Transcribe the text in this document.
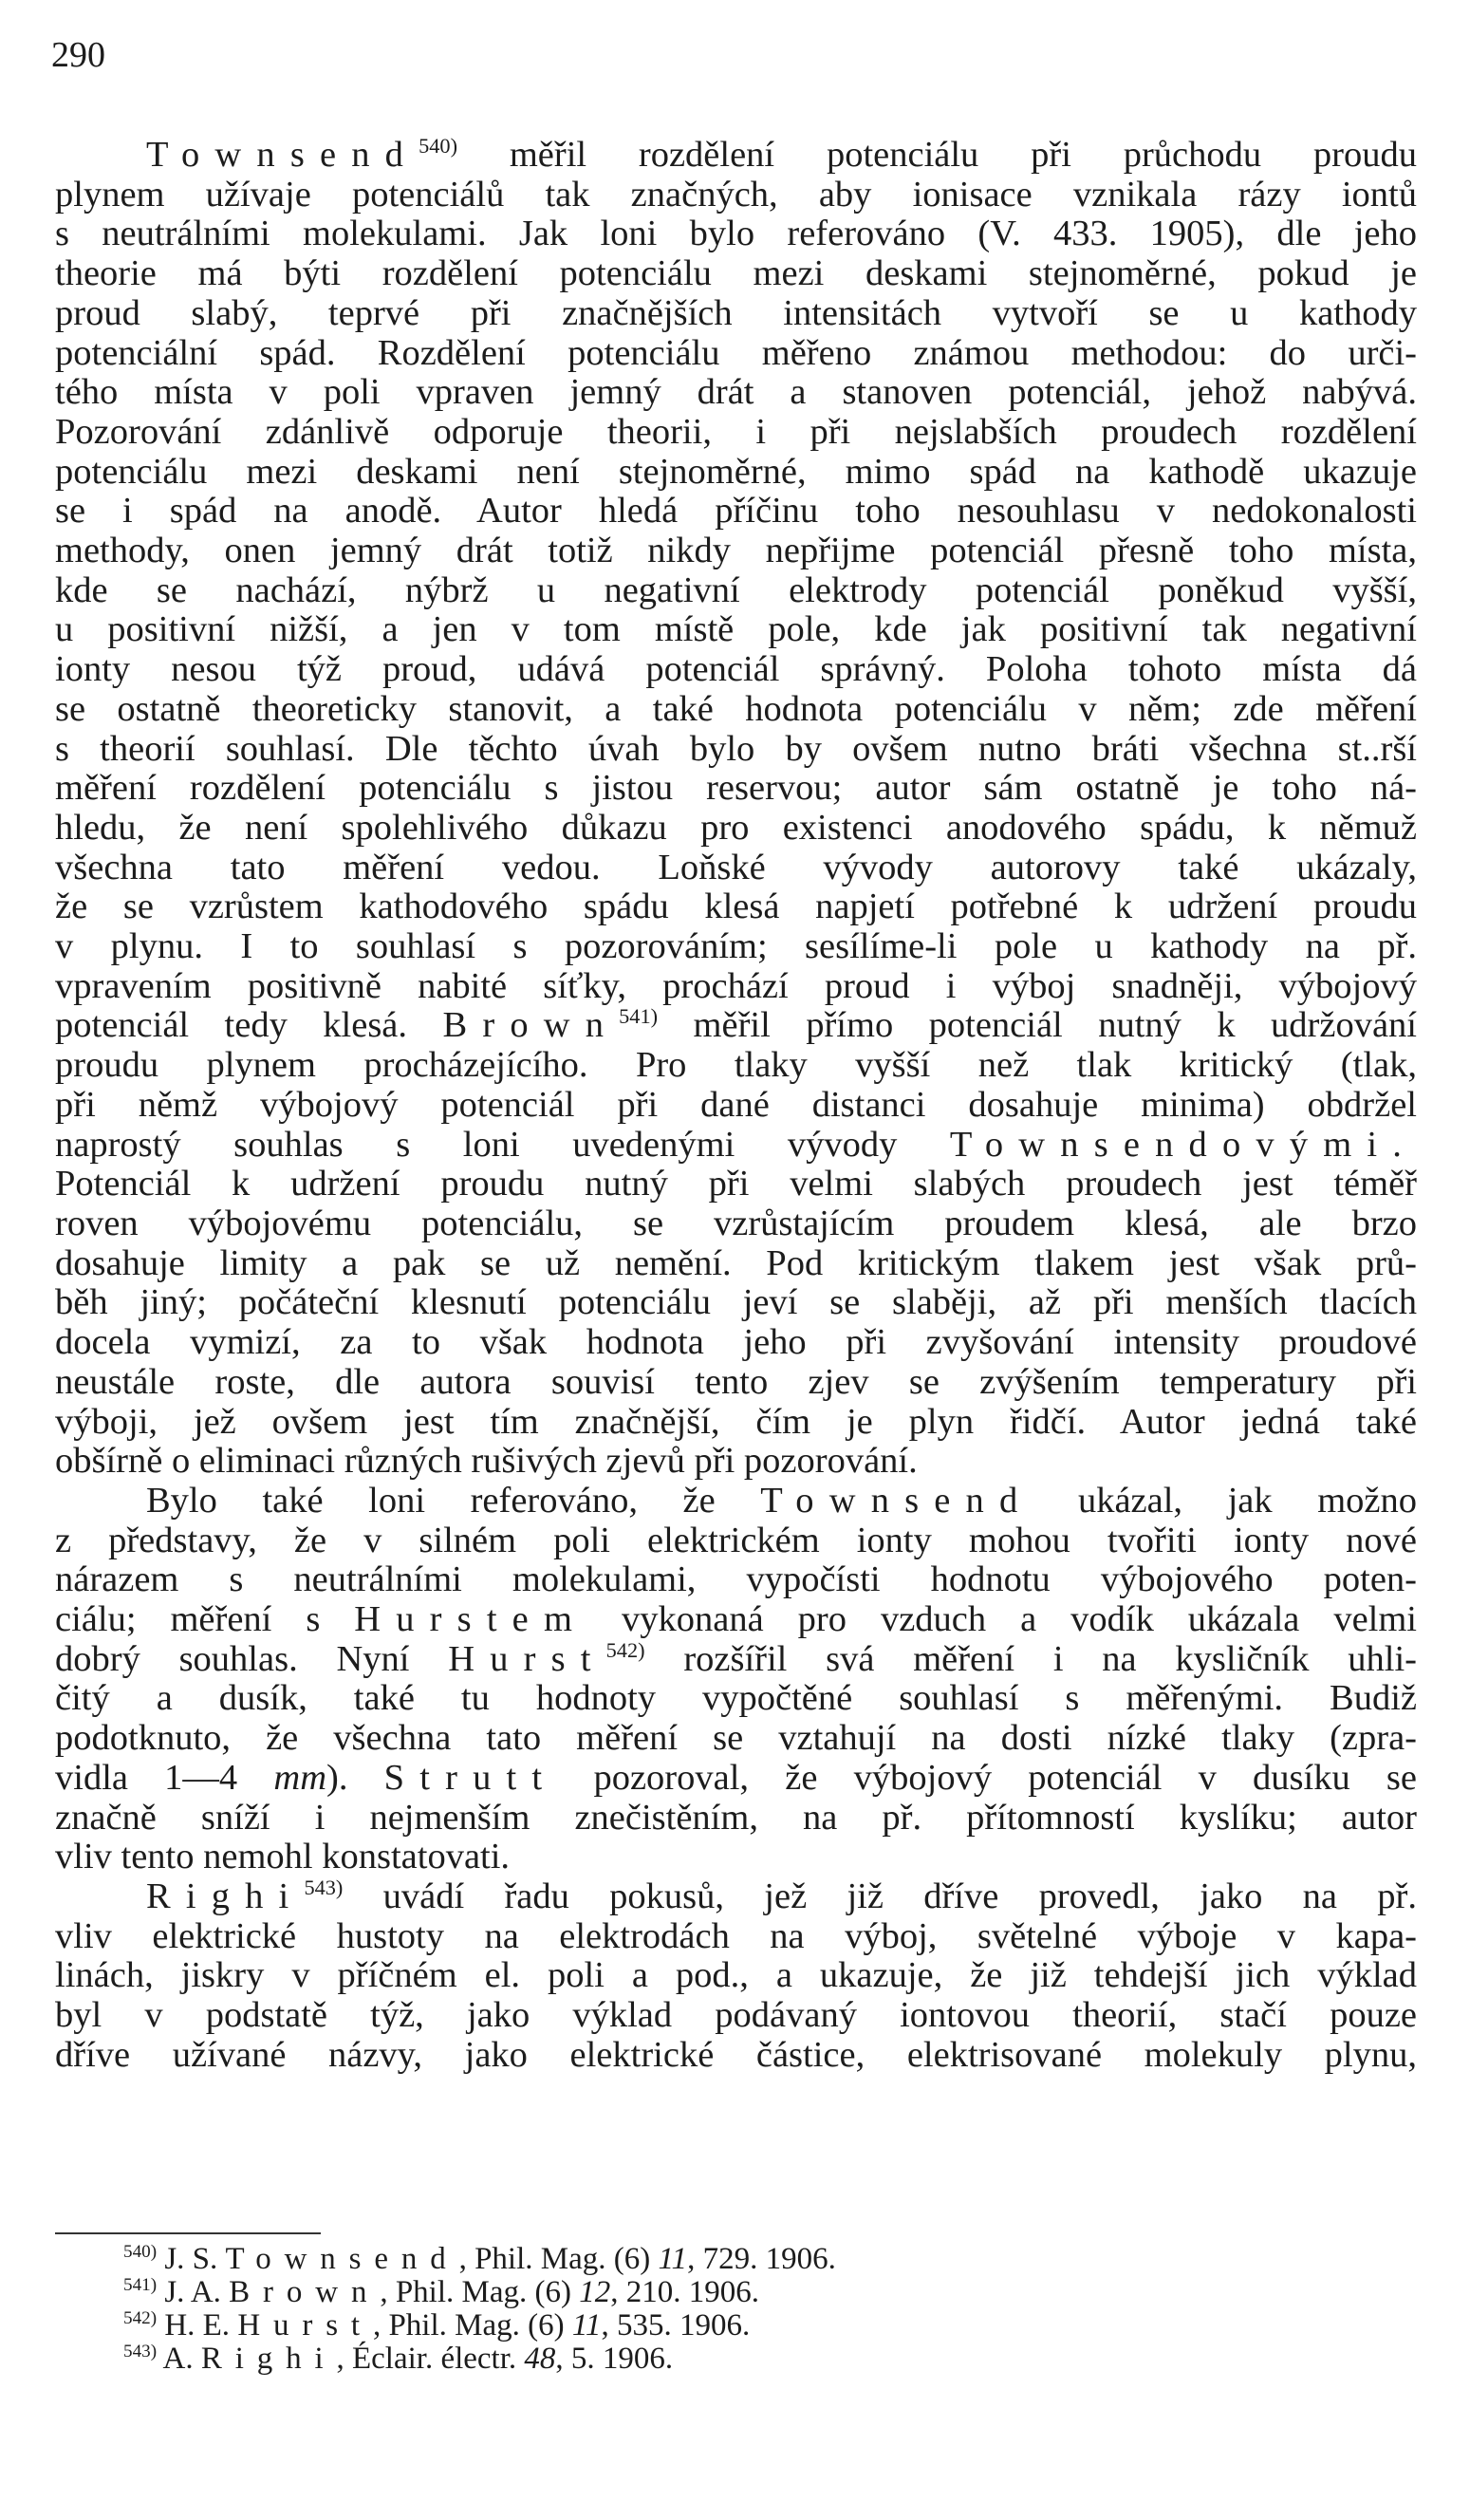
290
Townsend$^{540)}$ měřil rozdělení potenciálu při průchodu proudu
plynem užívaje potenciálů tak značných, aby ionisace vznikala rázy iontů
s neutrálními molekulami. Jak loni bylo referováno (V. 433. 1905), dle jeho
theorie má býti rozdělení potenciálu mezi deskami stejnoměrné, pokud je
proud slabý, teprvé při značnějších intensitách vytvoří se u kathody
potenciální spád. Rozdělení potenciálu měřeno známou methodou: do urči-
tého místa v poli vpraven jemný drát a stanoven potenciál, jehož nabývá.
Pozorování zdánlivě odporuje theorii, i při nejslabších proudech rozdělení
potenciálu mezi deskami není stejnoměrné, mimo spád na kathodě ukazuje
se i spád na anodě. Autor hledá příčinu toho nesouhlasu v nedokonalosti
methody, onen jemný drát totiž nikdy nepřijme potenciál přesně toho místa,
kde se nachází, nýbrž u negativní elektrody potenciál poněkud vyšší,
u positivní nižší, a jen v tom místě pole, kde jak positivní tak negativní
ionty nesou týž proud, udává potenciál správný. Poloha tohoto místa dá
se ostatně theoreticky stanovit, a také hodnota potenciálu v něm; zde měření
s theorií souhlasí. Dle těchto úvah bylo by ovšem nutno bráti všechna st..rší
měření rozdělení potenciálu s jistou reservou; autor sám ostatně je toho ná-
hledu, že není spolehlivého důkazu pro existenci anodového spádu, k němuž
všechna tato měření vedou. Loňské vývody autorovy také ukázaly,
že se vzrůstem kathodového spádu klesá napjetí potřebné k udržení proudu
v plynu. I to souhlasí s pozorováním; sesílíme-li pole u kathody na př.
vpravením positivně nabité síťky, prochází proud i výboj snadněji, výbojový
potenciál tedy klesá. Brown$^{541)}$ měřil přímo potenciál nutný k udržování
proudu plynem procházejícího. Pro tlaky vyšší než tlak kritický (tlak,
při němž výbojový potenciál při dané distanci dosahuje minima) obdržel
naprostý souhlas s loni uvedenými vývody Townsendovými.
Potenciál k udržení proudu nutný při velmi slabých proudech jest téměř
roven výbojovému potenciálu, se vzrůstajícím proudem klesá, ale brzo
dosahuje limity a pak se už nemění. Pod kritickým tlakem jest však prů-
běh jiný; počáteční klesnutí potenciálu jeví se slaběji, až při menších tlacích
docela vymizí, za to však hodnota jeho při zvyšování intensity proudové
neustále roste, dle autora souvisí tento zjev se zvýšením temperatury při
výboji, jež ovšem jest tím značnější, čím je plyn řidčí. Autor jedná také
obšírně o eliminaci různých rušivých zjevů při pozorování.
Bylo také loni referováno, že Townsend ukázal, jak možno
z představy, že v silném poli elektrickém ionty mohou tvořiti ionty nové
nárazem s neutrálními molekulami, vypočísti hodnotu výbojového poten-
ciálu; měření s Hurstem vykonaná pro vzduch a vodík ukázala velmi
dobrý souhlas. Nyní Hurst$^{542)}$ rozšířil svá měření i na kysličník uhli-
čitý a dusík, také tu hodnoty vypočtěné souhlasí s měřenými. Budiž
podotknuto, že všechna tato měření se vztahují na dosti nízké tlaky (zpra-
vidla 1—4 mm). Strutt pozoroval, že výbojový potenciál v dusíku se
značně sníží i nejmenším znečistěním, na př. přítomností kyslíku; autor
vliv tento nemohl konstatovati.
Righi$^{543)}$ uvádí řadu pokusů, jež již dříve provedl, jako na př.
vliv elektrické hustoty na elektrodách na výboj, světelné výboje v kapa-
linách, jiskry v příčném el. poli a pod., a ukazuje, že již tehdejší jich výklad
byl v podstatě týž, jako výklad podávaný iontovou theorií, stačí pouze
dříve užívané názvy, jako elektrické částice, elektrisované molekuly plynu,
$^{540)}$ J. S. Townsend, Phil. Mag. (6) 11, 729. 1906.
$^{541)}$ J. A. Brown, Phil. Mag. (6) 12, 210. 1906.
$^{542)}$ H. E. Hurst, Phil. Mag. (6) 11, 535. 1906.
$^{543)}$ A. Righi, Éclair. électr. 48, 5. 1906.
